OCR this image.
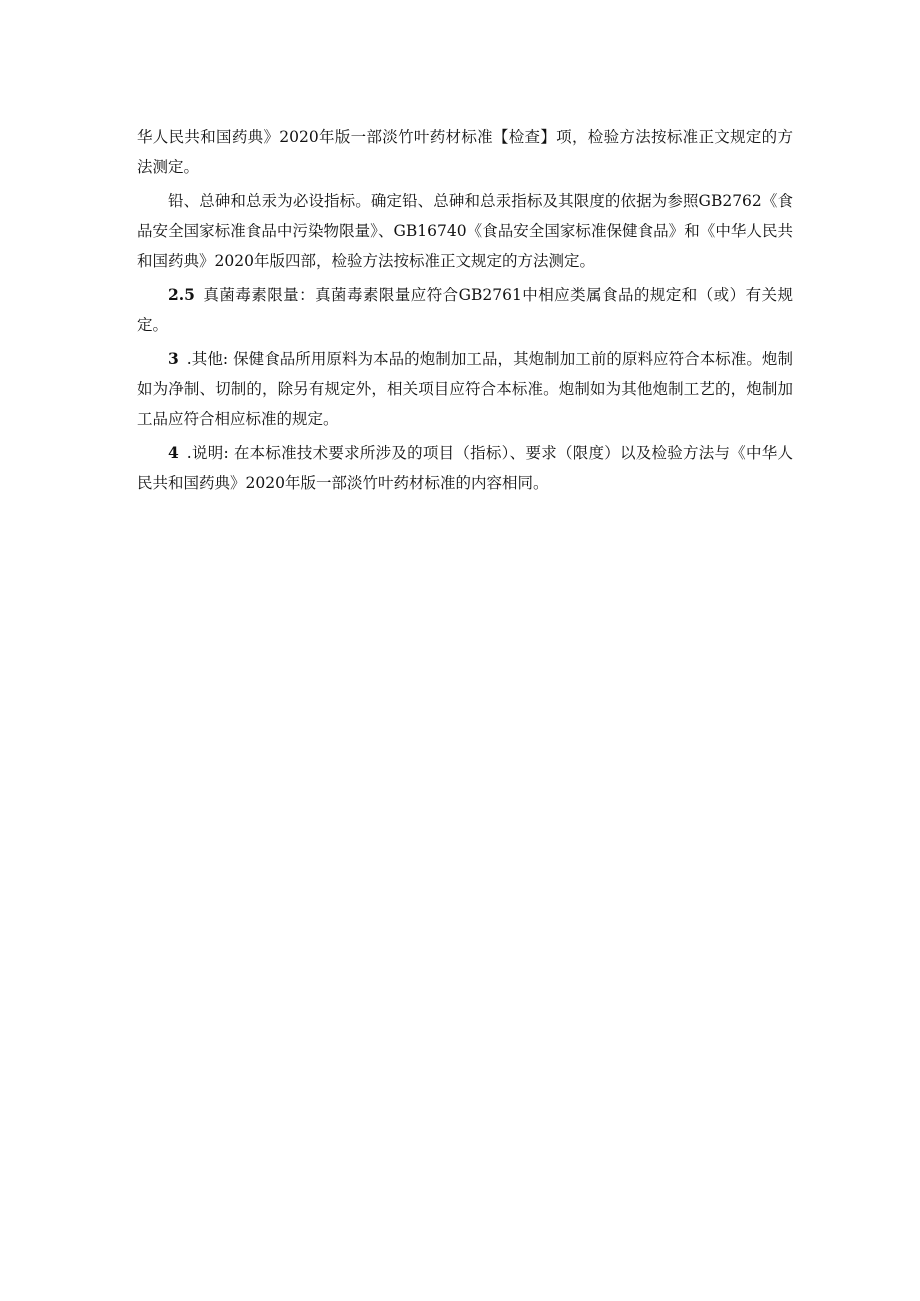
华人民共和国药典》2020年版一部淡竹叶药材标准【检查】项，检验方法按标准正文规定的方法测定。

铅、总砷和总汞为必设指标。确定铅、总砷和总汞指标及其限度的依据为参照GB2762《食品安全国家标准食品中污染物限量》、GB16740《食品安全国家标准保健食品》和《中华人民共和国药典》2020年版四部，检验方法按标准正文规定的方法测定。

2.5 真菌毒素限量：真菌毒素限量应符合GB2761中相应类属食品的规定和（或）有关规定。

3 .其他: 保健食品所用原料为本品的炮制加工品，其炮制加工前的原料应符合本标准。炮制如为净制、切制的，除另有规定外，相关项目应符合本标准。炮制如为其他炮制工艺的，炮制加工品应符合相应标准的规定。

4 .说明: 在本标准技术要求所涉及的项目（指标）、要求（限度）以及检验方法与《中华人民共和国药典》2020年版一部淡竹叶药材标准的内容相同。
